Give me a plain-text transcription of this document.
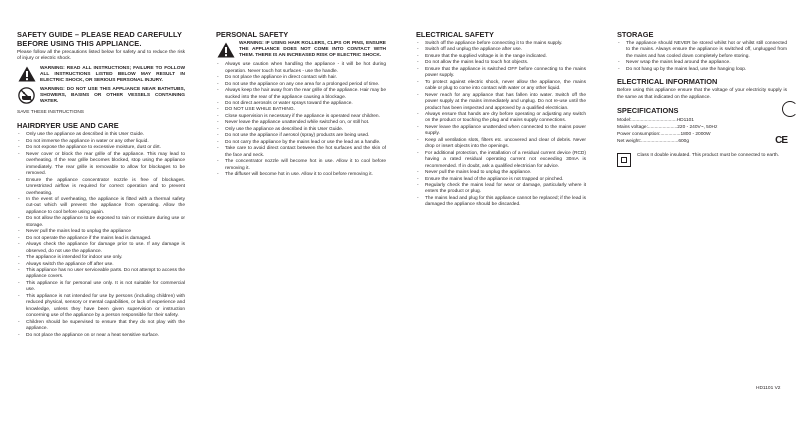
SAFETY GUIDE – PLEASE READ CAREFULLY BEFORE USING THIS APPLIANCE.

Please follow all the precautions listed below for safety and to reduce the risk of injury or electric shock.

WARNING: READ ALL INSTRUCTIONS; FAILURE TO FOLLOW ALL INSTRUCTIONS LISTED BELOW MAY RESULT IN ELECTRIC SHOCK, OR SERIOUS PERSONAL INJURY.
WARNING: DO NOT USE THIS APPLIANCE NEAR BATHTUBS, SHOWERS, BASINS OR OTHER VESSELS CONTAINING WATER.

SAVE THESE INSTRUCTIONS

HAIRDRYER USE AND CARE
- Only use the appliance as described in this User Guide.
- Do not immerse the appliance in water or any other liquid.
- Do not expose the appliance to excessive moisture, dust or dirt.
- Never cover or block the rear grille of the appliance. This may lead to overheating. If the rear grille becomes blocked, stop using the appliance immediately. The rear grille is removable to allow for blockages to be removed.
- Ensure the appliance concentrator nozzle is free of blockages. Unrestricted airflow is required for correct operation and to prevent overheating.
- In the event of overheating, the appliance is fitted with a thermal safety cut-out which will prevent the appliance from operating. Allow the appliance to cool before using again.
- Do not allow the appliance to be exposed to rain or moisture during use or storage.
- Never pull the mains lead to unplug the appliance
- Do not operate the appliance if the mains lead is damaged.
- Always check the appliance for damage prior to use. If any damage is observed, do not use the appliance.
- The appliance is intended for indoor use only.
- Always switch the appliance off after use.
- This appliance has no user serviceable parts. Do not attempt to access the appliance covers.
- This appliance is for personal use only. It is not suitable for commercial use.
- This appliance is not intended for use by persons (including children) with reduced physical, sensory or mental capabilities, or lack of experience and knowledge, unless they have been given supervision or instruction concerning use of the appliance by a person responsible for their safety.
- Children should be supervised to ensure that they do not play with the appliance.
- Do not place the appliance on or near a heat sensitive surface.
PERSONAL SAFETY
WARNING: IF USING HAIR ROLLERS, CLIPS OR PINS, ENSURE THE APPLIANCE DOES NOT COME INTO CONTACT WITH THEM. THERE IS AN INCREASED RISK OF ELECTRIC SHOCK.
- Always use caution when handling the appliance - it will be hot during operation. Never touch hot surfaces - use the handle.
- Do not place the appliance in direct contact with hair.
- Do not use the appliance on any one area for a prolonged period of time.
- Always keep the hair away from the rear grille of the appliance. Hair may be sucked into the rear of the appliance causing a blockage.
- Do not direct aerosols or water sprays toward the appliance.
- DO NOT USE WHILE BATHING.
- Close supervision is necessary if the appliance is operated near children.
- Never leave the appliance unattended while switched on, or still hot.
- Only use the appliance as described in this User Guide.
- Do not use the appliance if aerosol (spray) products are being used.
- Do not carry the appliance by the mains lead or use the lead as a handle.
- Take care to avoid direct contact between the hot surfaces and the skin of the face and neck.
- The concentrator nozzle will become hot in use. Allow it to cool before removing it.
- The diffuser will become hot in use. Allow it to cool before removing it.
ELECTRICAL SAFETY
- Switch off the appliance before connecting it to the mains supply.
- Switch off and unplug the appliance after use.
- Ensure that the supplied voltage is in the range indicated.
- Do not allow the mains lead to touch hot objects.
- Ensure that the appliance is switched OFF before connecting to the mains power supply.
- To protect against electric shock, never allow the appliance, the mains cable or plug to come into contact with water or any other liquid.
- Never reach for any appliance that has fallen into water. Switch off the power supply at the mains immediately and unplug. Do not re-use until the product has been inspected and approved by a qualified electrician.
- Always ensure that hands are dry before operating or adjusting any switch on the product or touching the plug and mains supply connections.
- Never leave the appliance unattended when connected to the mains power supply.
- Keep all ventilation slots, filters etc. uncovered and clear of debris. Never drop or insert objects into the openings.
- For additional protection, the installation of a residual current device (RCD) having a rated residual operating current not exceeding 30mA is recommended. If in doubt, ask a qualified electrician for advice.
- Never pull the mains lead to unplug the appliance.
- Ensure the mains lead of the appliance is not trapped or pinched.
- Regularly check the mains lead for wear or damage, particularly where it enters the product or plug.
- The mains lead and plug for this appliance cannot be replaced; if the lead is damaged the appliance should be discarded.
STORAGE
- The appliance should NEVER be stored whilst hot or whilst still connected to the mains. Always ensure the appliance is switched off, unplugged from the mains and has cooled down completely before storing.
- Never wrap the mains lead around the appliance.
- Do not hang up by the mains lead, use the hanging loop.
ELECTRICAL INFORMATION

Before using this appliance ensure that the voltage of your electricity supply is the same as that indicated on the appliance.

SPECIFICATIONS
Model:..................................HD1101
Mains voltage:......................220 - 240V~, 50Hz
Power consumption:...............1800 - 2000W
Net weight:............................600g	CE

Class II double insulated. This product must be connected to earth.

HD1101 V2
